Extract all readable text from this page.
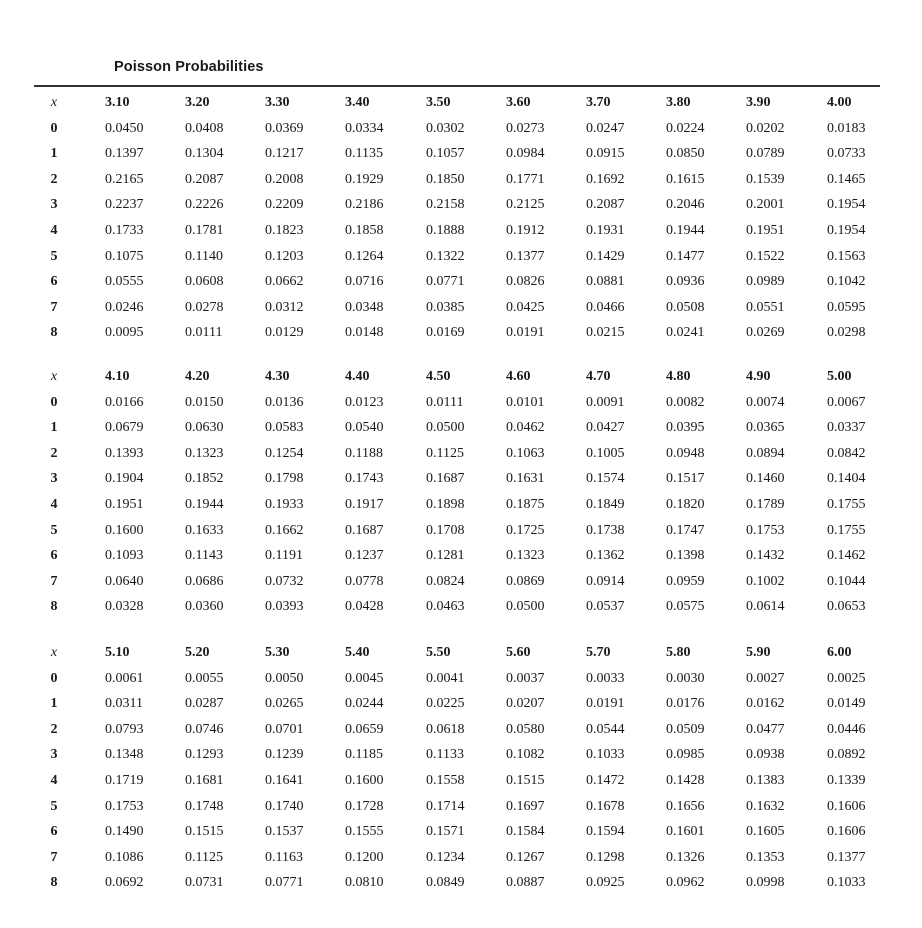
Poisson Probabilities
x	3.10	3.20	3.30	3.40	3.50	3.60	3.70	3.80	3.90	4.00
0	0.0450	0.0408	0.0369	0.0334	0.0302	0.0273	0.0247	0.0224	0.0202	0.0183
1	0.1397	0.1304	0.1217	0.1135	0.1057	0.0984	0.0915	0.0850	0.0789	0.0733
2	0.2165	0.2087	0.2008	0.1929	0.1850	0.1771	0.1692	0.1615	0.1539	0.1465
3	0.2237	0.2226	0.2209	0.2186	0.2158	0.2125	0.2087	0.2046	0.2001	0.1954
4	0.1733	0.1781	0.1823	0.1858	0.1888	0.1912	0.1931	0.1944	0.1951	0.1954
5	0.1075	0.1140	0.1203	0.1264	0.1322	0.1377	0.1429	0.1477	0.1522	0.1563
6	0.0555	0.0608	0.0662	0.0716	0.0771	0.0826	0.0881	0.0936	0.0989	0.1042
7	0.0246	0.0278	0.0312	0.0348	0.0385	0.0425	0.0466	0.0508	0.0551	0.0595
8	0.0095	0.0111	0.0129	0.0148	0.0169	0.0191	0.0215	0.0241	0.0269	0.0298
x	4.10	4.20	4.30	4.40	4.50	4.60	4.70	4.80	4.90	5.00
0	0.0166	0.0150	0.0136	0.0123	0.0111	0.0101	0.0091	0.0082	0.0074	0.0067
1	0.0679	0.0630	0.0583	0.0540	0.0500	0.0462	0.0427	0.0395	0.0365	0.0337
2	0.1393	0.1323	0.1254	0.1188	0.1125	0.1063	0.1005	0.0948	0.0894	0.0842
3	0.1904	0.1852	0.1798	0.1743	0.1687	0.1631	0.1574	0.1517	0.1460	0.1404
4	0.1951	0.1944	0.1933	0.1917	0.1898	0.1875	0.1849	0.1820	0.1789	0.1755
5	0.1600	0.1633	0.1662	0.1687	0.1708	0.1725	0.1738	0.1747	0.1753	0.1755
6	0.1093	0.1143	0.1191	0.1237	0.1281	0.1323	0.1362	0.1398	0.1432	0.1462
7	0.0640	0.0686	0.0732	0.0778	0.0824	0.0869	0.0914	0.0959	0.1002	0.1044
8	0.0328	0.0360	0.0393	0.0428	0.0463	0.0500	0.0537	0.0575	0.0614	0.0653
x	5.10	5.20	5.30	5.40	5.50	5.60	5.70	5.80	5.90	6.00
0	0.0061	0.0055	0.0050	0.0045	0.0041	0.0037	0.0033	0.0030	0.0027	0.0025
1	0.0311	0.0287	0.0265	0.0244	0.0225	0.0207	0.0191	0.0176	0.0162	0.0149
2	0.0793	0.0746	0.0701	0.0659	0.0618	0.0580	0.0544	0.0509	0.0477	0.0446
3	0.1348	0.1293	0.1239	0.1185	0.1133	0.1082	0.1033	0.0985	0.0938	0.0892
4	0.1719	0.1681	0.1641	0.1600	0.1558	0.1515	0.1472	0.1428	0.1383	0.1339
5	0.1753	0.1748	0.1740	0.1728	0.1714	0.1697	0.1678	0.1656	0.1632	0.1606
6	0.1490	0.1515	0.1537	0.1555	0.1571	0.1584	0.1594	0.1601	0.1605	0.1606
7	0.1086	0.1125	0.1163	0.1200	0.1234	0.1267	0.1298	0.1326	0.1353	0.1377
8	0.0692	0.0731	0.0771	0.0810	0.0849	0.0887	0.0925	0.0962	0.0998	0.1033
